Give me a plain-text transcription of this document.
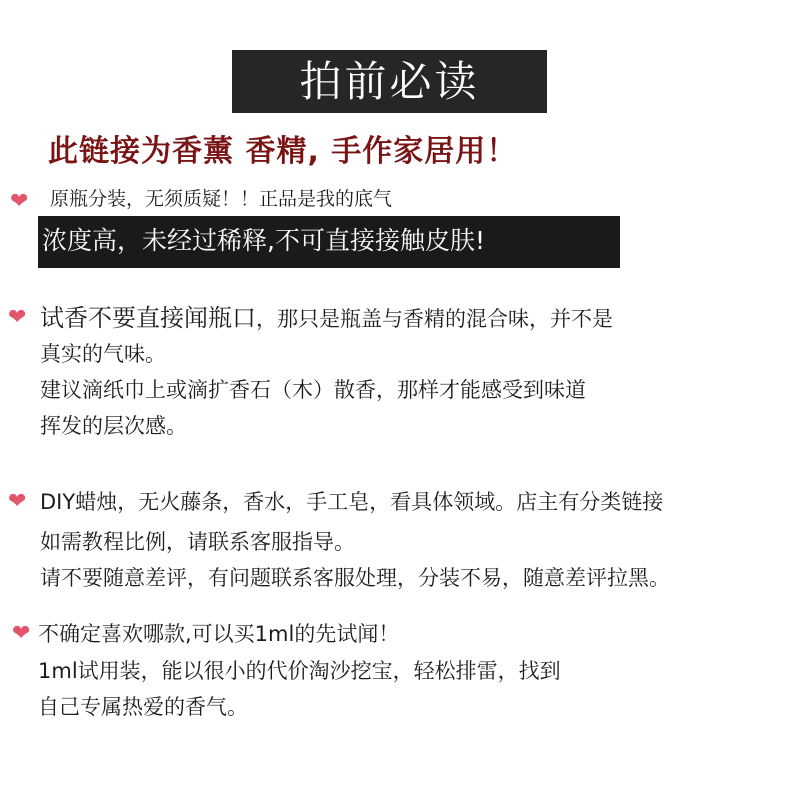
拍前必读
此链接为香薰 香精, 手作家居用！
❤ 原瓶分装，无须质疑！！正品是我的底气
浓度高，未经过稀释,不可直接接触皮肤!
❤ 试香不要直接闻瓶口，那只是瓶盖与香精的混合味，并不是
真实的气味。
建议滴纸巾上或滴扩香石（木）散香，那样才能感受到味道
挥发的层次感。
❤ DIY蜡烛，无火藤条，香水，手工皂，看具体领域。店主有分类链接
如需教程比例，请联系客服指导。
请不要随意差评，有问题联系客服处理，分装不易，随意差评拉黑。
❤ 不确定喜欢哪款,可以买1ml的先试闻！
1ml试用装，能以很小的代价淘沙挖宝，轻松排雷，找到
自己专属热爱的香气。
